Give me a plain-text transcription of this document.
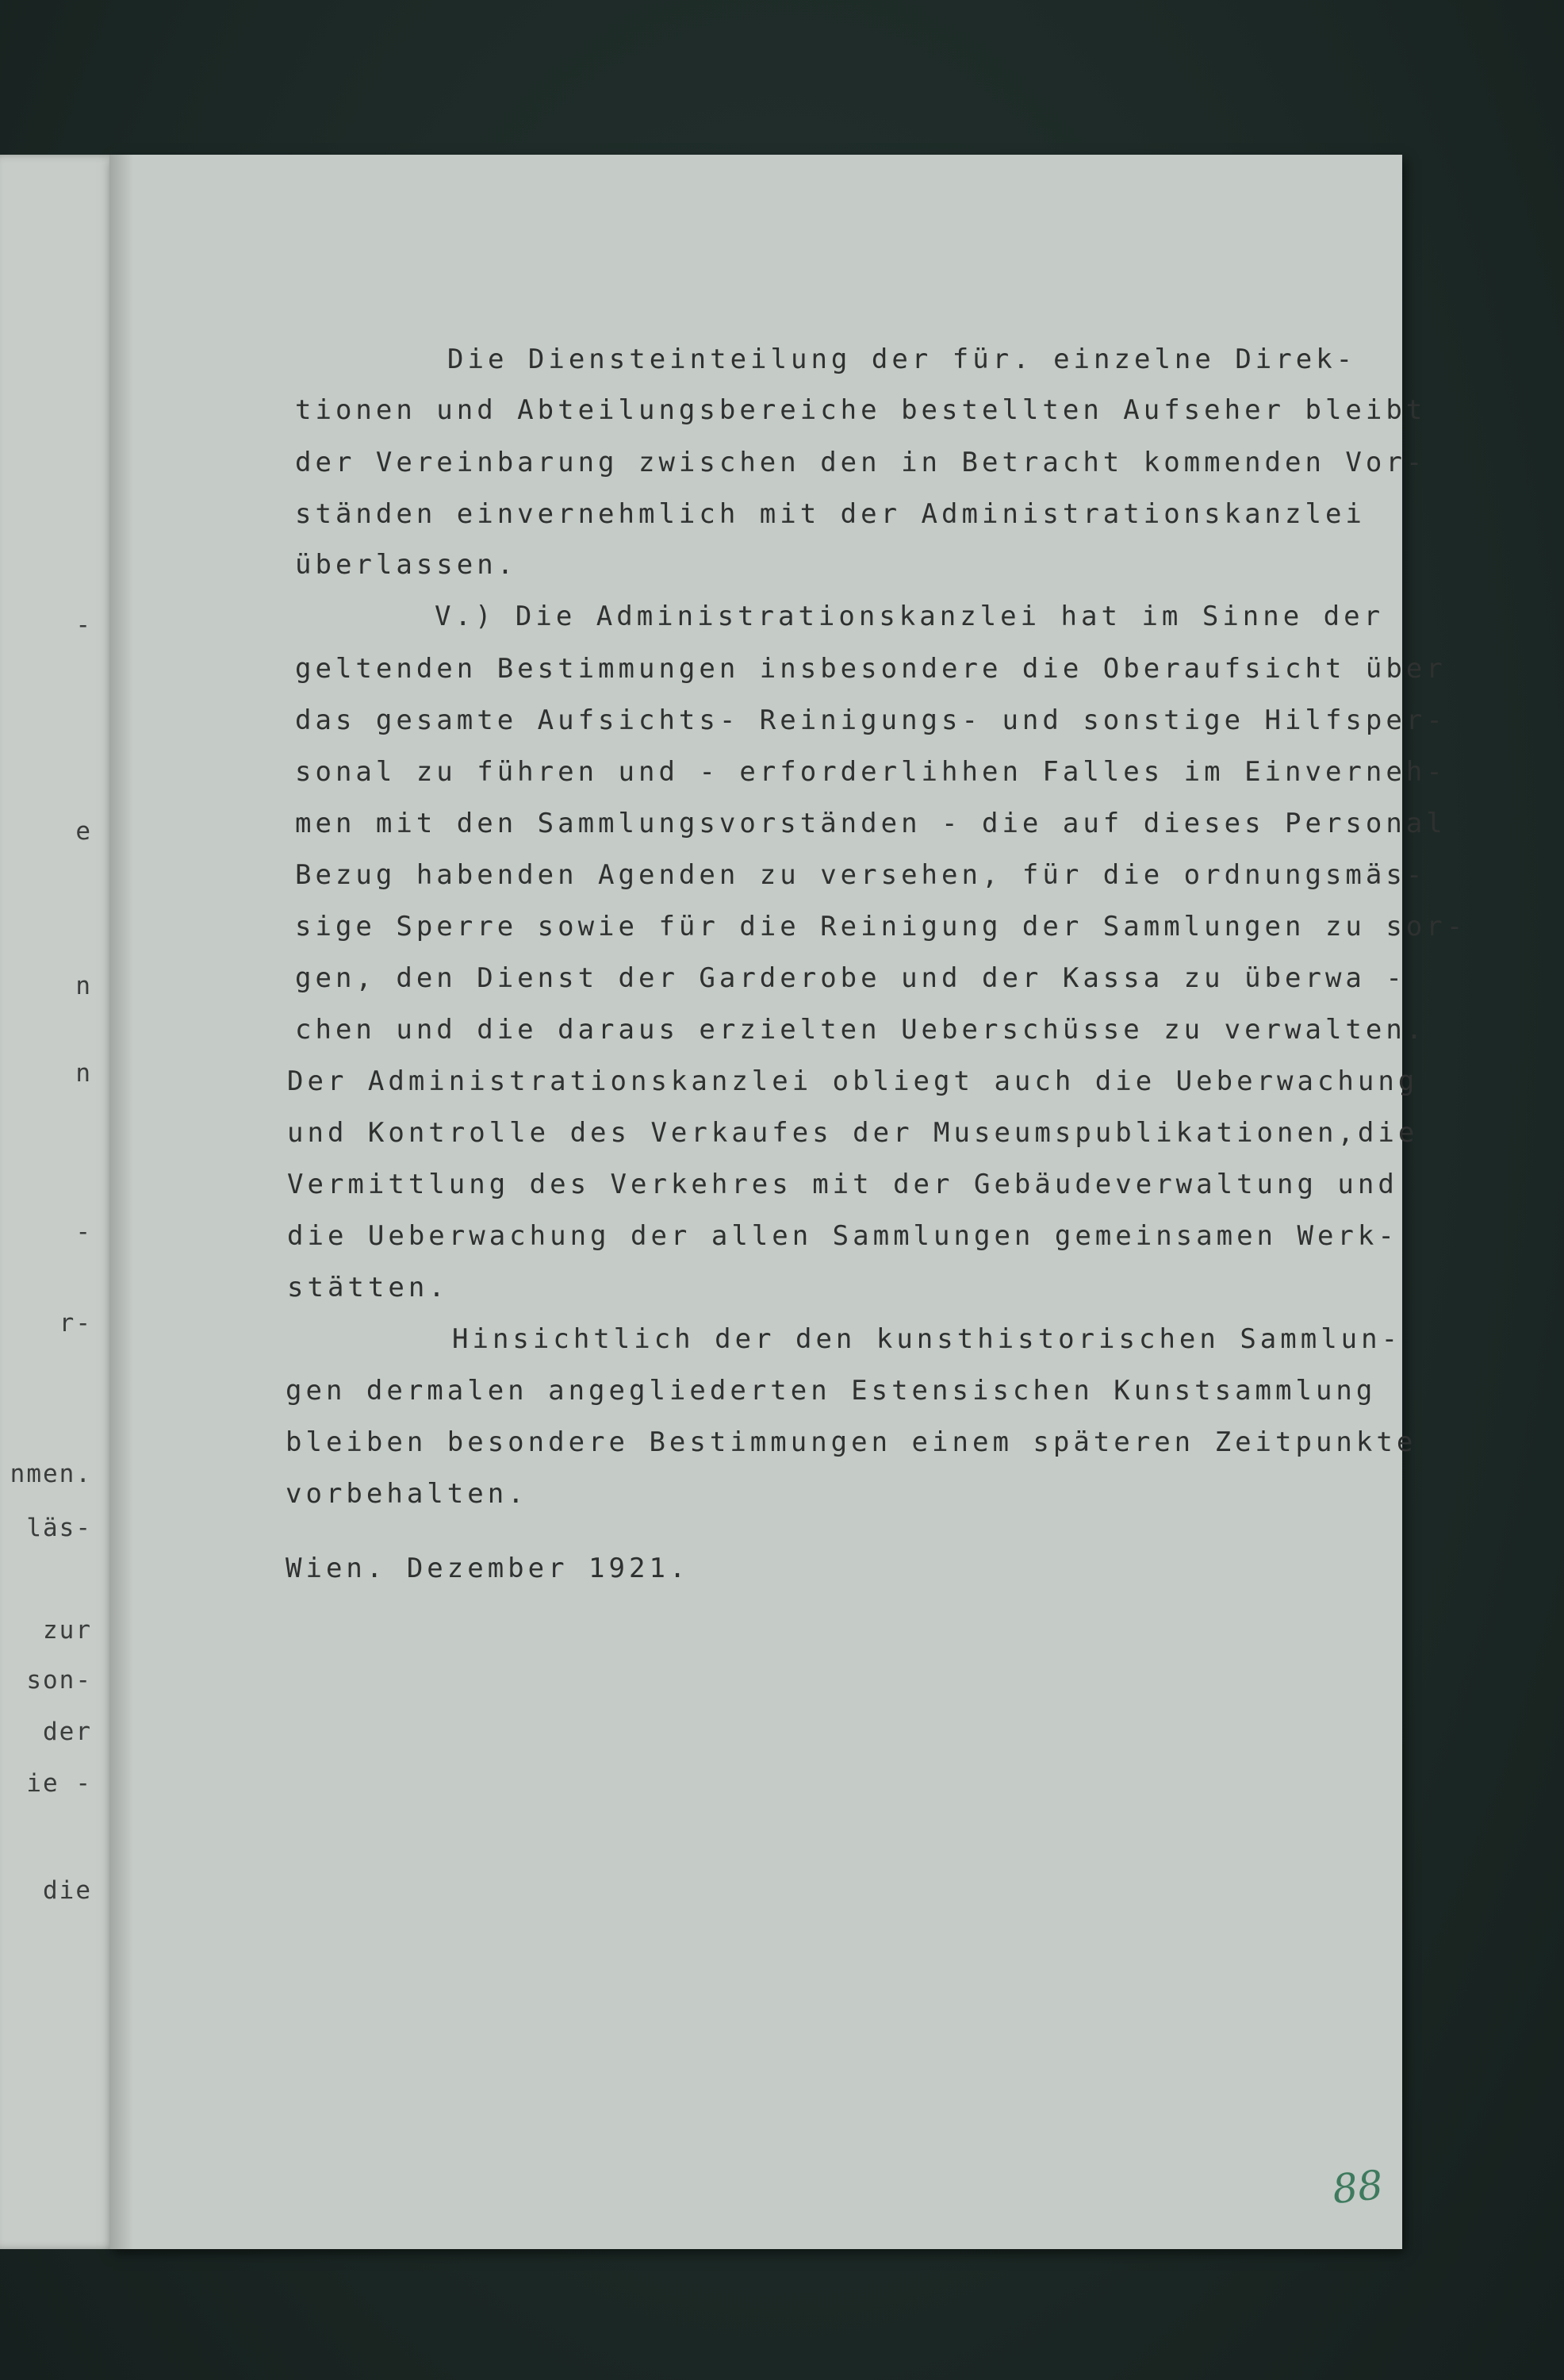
-
e
n
n
-
r-
nmen.
läs-
zur
son-
der
ie -
die
Die Diensteinteilung der für. einzelne Direk-
tionen und Abteilungsbereiche bestellten Aufseher bleibt
der Vereinbarung zwischen den in Betracht kommenden Vor-
ständen einvernehmlich mit der Administrationskanzlei
überlassen.
V.) Die Administrationskanzlei hat im Sinne der
geltenden Bestimmungen insbesondere die Oberaufsicht über
das gesamte Aufsichts- Reinigungs- und sonstige Hilfsper-
sonal zu führen und - erforderlihhen Falles im Einverneh-
men mit den Sammlungsvorständen - die auf dieses Personal
Bezug habenden Agenden zu versehen, für die ordnungsmäs-
sige Sperre sowie für die Reinigung der Sammlungen zu sor-
gen, den Dienst der Garderobe und der Kassa zu überwa -
chen und die daraus erzielten Ueberschüsse zu verwalten.
Der Administrationskanzlei obliegt auch die Ueberwachung
und Kontrolle des Verkaufes der Museumspublikationen,die
Vermittlung des Verkehres mit der Gebäudeverwaltung und
die Ueberwachung der allen Sammlungen gemeinsamen Werk-
stätten.
Hinsichtlich der den kunsthistorischen Sammlun-
gen dermalen angegliederten Estensischen Kunstsammlung
bleiben besondere Bestimmungen einem späteren Zeitpunkte
vorbehalten.
Wien. Dezember 1921.
88
